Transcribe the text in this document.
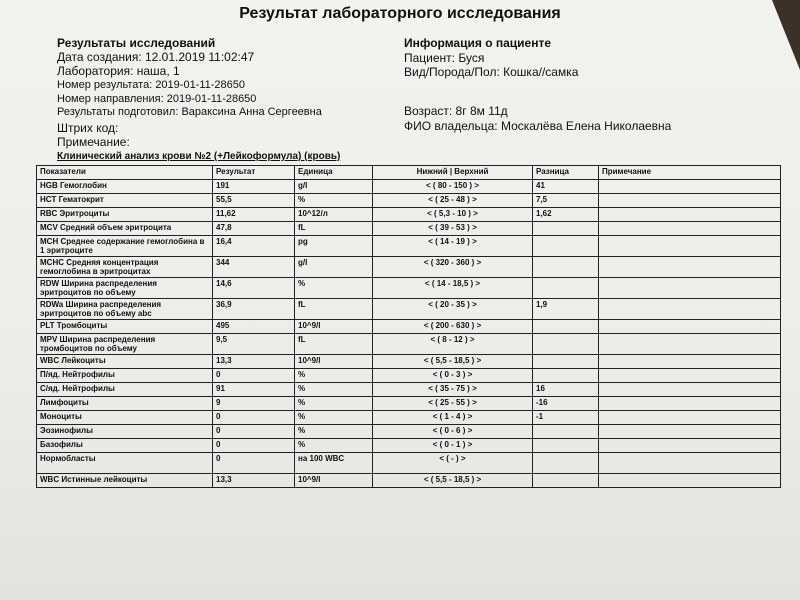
Результат лабораторного исследования
Результаты исследований
Дата создания: 12.01.2019 11:02:47
Лаборатория: наша, 1
Номер результата: 2019-01-11-28650
Номер направления: 2019-01-11-28650
Результаты подготовил: Вараксина Анна Сергеевна
Штрих код:
Примечание:
Информация о пациенте
Пациент: Буся
Вид/Порода/Пол: Кошка//самка
Возраст: 8г 8м 11д
ФИО владельца: Москалёва Елена Николаевна
Клинический анализ крови №2 (+Лейкоформула) (кровь)
Показатели	Результат	Единица	Нижний | Верхний	Разница	Примечание
HGB Гемоглобин	191	g/l	< ( 80 - 150 ) >	41	
HCT Гематокрит	55,5	%	< ( 25 - 48 ) >	7,5	
RBC Эритроциты	11,62	10^12/л	< ( 5,3 - 10 ) >	1,62	
MCV Средний объем эритроцита	47,8	fL	< ( 39 - 53 ) >		
MCH Среднее содержание гемоглобина в 1 эритроците	16,4	pg	< ( 14 - 19 ) >		
MCHC Средняя концентрация гемоглобина в эритроцитах	344	g/l	< ( 320 - 360 ) >		
RDW Ширина распределения эритроцитов по объему	14,6	%	< ( 14 - 18,5 ) >		
RDWa Ширина распределения эритроцитов по объему abc	36,9	fL	< ( 20 - 35 ) >	1,9	
PLT Тромбоциты	495	10^9/l	< ( 200 - 630 ) >		
MPV Ширина распределения тромбоцитов по объему	9,5	fL	< ( 8 - 12 ) >		
WBC Лейкоциты	13,3	10^9/l	< ( 5,5 - 18,5 ) >		
П/яд. Нейтрофилы	0	%	< ( 0 - 3 ) >		
С/яд. Нейтрофилы	91	%	< ( 35 - 75 ) >	16	
Лимфоциты	9	%	< ( 25 - 55 ) >	-16	
Моноциты	0	%	< ( 1 - 4 ) >	-1	
Эозинофилы	0	%	< ( 0 - 6 ) >		
Базофилы	0	%	< ( 0 - 1 ) >		
Нормобласты	0	на 100 WBC	< ( - ) >		
WBC Истинные лейкоциты	13,3	10^9/l	< ( 5,5 - 18,5 ) >		
